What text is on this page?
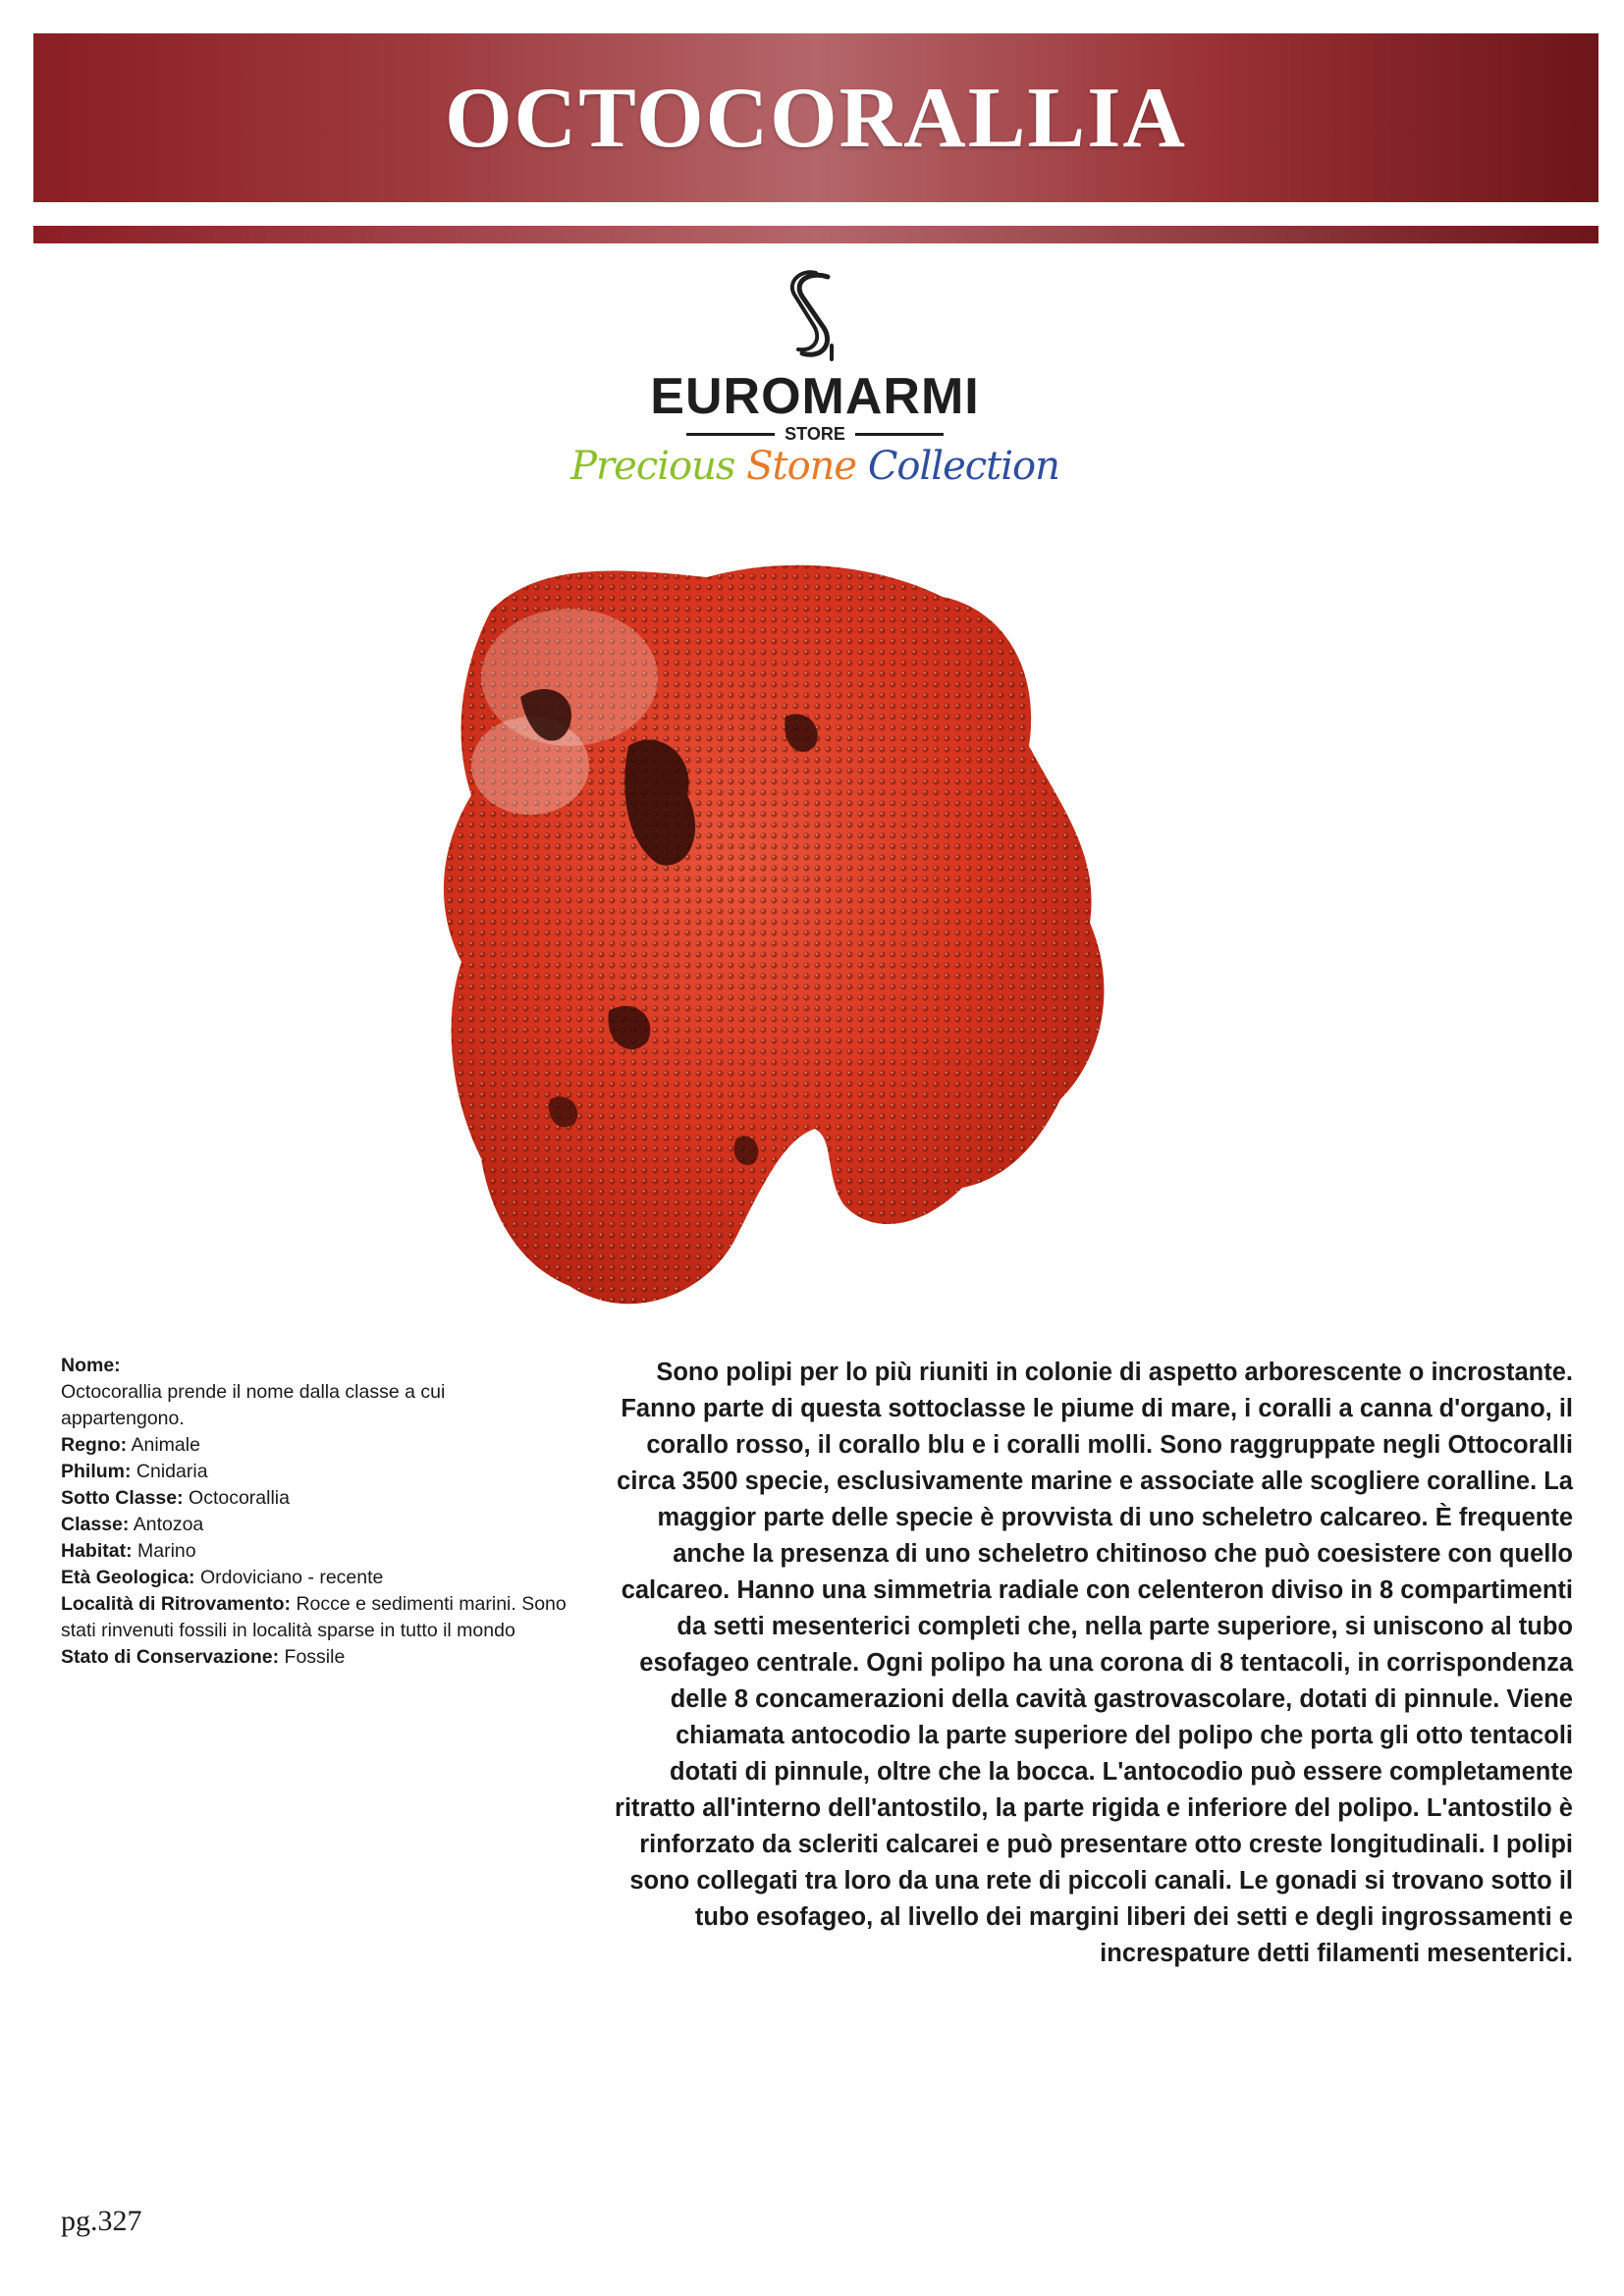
OCTOCORALLIA
EUROMARMI
STORE
Precious Stone Collection

Nome:

Octocorallia prende il nome dalla classe a cui appartengono.

Regno: Animale

Philum: Cnidaria

Sotto Classe: Octocorallia

Classe: Antozoa

Habitat: Marino

Età Geologica: Ordoviciano - recente

Località di Ritrovamento: Rocce e sedimenti marini. Sono stati rinvenuti fossili in località sparse in tutto il mondo

Stato di Conservazione: Fossile

Sono polipi per lo più riuniti in colonie di aspetto arborescente o incrostante. Fanno parte di questa sottoclasse le piume di mare, i coralli a canna d'organo, il corallo rosso, il corallo blu e i coralli molli. Sono raggruppate negli Ottocoralli circa 3500 specie, esclusivamente marine e associate alle scogliere coralline. La maggior parte delle specie è provvista di uno scheletro calcareo. È frequente anche la presenza di uno scheletro chitinoso che può coesistere con quello calcareo. Hanno una simmetria radiale con celenteron diviso in 8 compartimenti da setti mesenterici completi che, nella parte superiore, si uniscono al tubo esofageo centrale. Ogni polipo ha una corona di 8 tentacoli, in corrispondenza delle 8 concamerazioni della cavità gastrovascolare, dotati di pinnule. Viene chiamata antocodio la parte superiore del polipo che porta gli otto tentacoli dotati di pinnule, oltre che la bocca. L'antocodio può essere completamente ritratto all'interno dell'antostilo, la parte rigida e inferiore del polipo. L'antostilo è rinforzato da scleriti calcarei e può presentare otto creste longitudinali. I polipi sono collegati tra loro da una rete di piccoli canali. Le gonadi si trovano sotto il tubo esofageo, al livello dei margini liberi dei setti e degli ingrossamenti e increspature detti filamenti mesenterici.

pg.327
